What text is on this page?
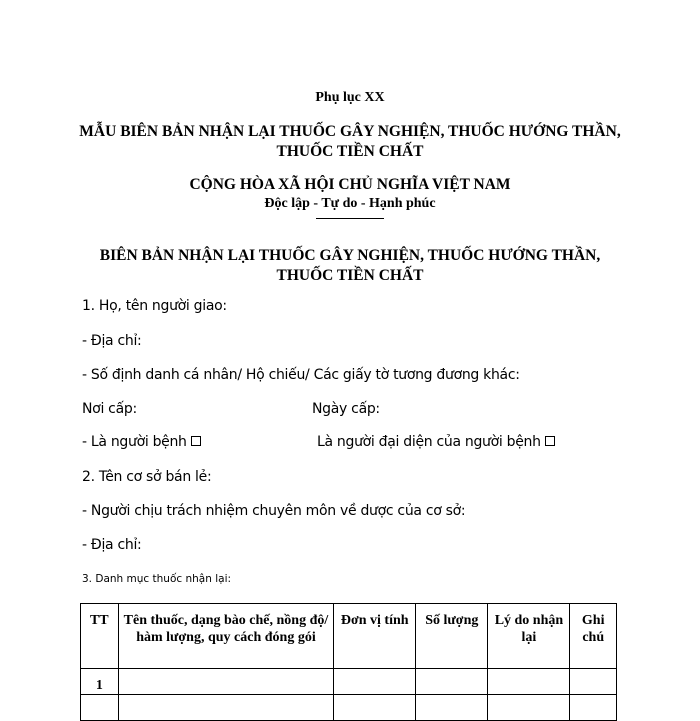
Phụ lục XX
MẪU BIÊN BẢN NHẬN LẠI THUỐC GÂY NGHIỆN, THUỐC HƯỚNG THẦN,
THUỐC TIỀN CHẤT
CỘNG HÒA XÃ HỘI CHỦ NGHĨA VIỆT NAM
Độc lập - Tự do - Hạnh phúc
BIÊN BẢN NHẬN LẠI THUỐC GÂY NGHIỆN, THUỐC HƯỚNG THẦN,
THUỐC TIỀN CHẤT
1. Họ, tên người giao:
- Địa chỉ:
- Số định danh cá nhân/ Hộ chiếu/ Các giấy tờ tương đương khác:
Nơi cấp:	Ngày cấp:
- Là người bệnh	Là người đại diện của người bệnh
2. Tên cơ sở bán lẻ:
- Người chịu trách nhiệm chuyên môn về dược của cơ sở:
- Địa chỉ:
3. Danh mục thuốc nhận lại:
TT	Tên thuốc, dạng bào chế, nồng độ/ hàm lượng, quy cách đóng gói	Đơn vị tính	Số lượng	Lý do nhận lại	Ghi chú
1					
